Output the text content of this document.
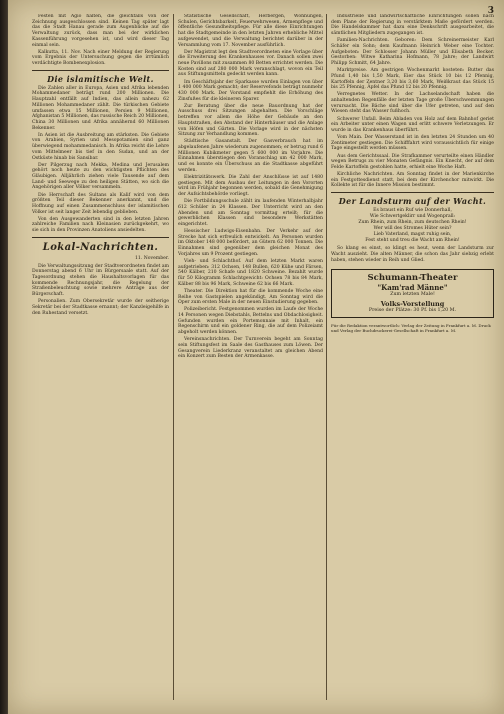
3

Festen mit Agio halten, die gleichfalls von der Zeichnung ausgeschlossen sind. Keinen Tag später lagt das die Stadt Hanau gerade zum Augenblicke auf die Verwaltung zurück, dass man bei der wirklichen Kassenführung vorgesehen ist, und wird dieser Tag einmal sein.

Kalkutta, 11. Nov. Nach einer Meldung der Regierung vom Ergebnis der Untersuchung gegen die irrtümlich verdächtigte Bombenexplosion.

Die islamitische Welt.

Die Zahlen aller in Europa, Asien und Afrika lebenden Mohammedaner beträgt rund 200 Millionen. Die Hauptzahl entfällt auf Indien, das allein nahezu 62 Millionen Mohammedaner zählt. Die türkischen Gebiete umfassen etwa 15 Millionen, Persien 9 Millionen, Afghanistan 5 Millionen, das russische Reich 20 Millionen, China 30 Millionen und Afrika annähernd 60 Millionen Bekenner.

In Asien ist die Ausbreitung am stärksten. Die Gebiete von Arabien, Syrien und Mesopotamien sind ganz überwiegend mohammedanisch. In Afrika reicht die Lehre vom Mittelmeer bis tief in den Sudan, und an der Ostküste hinab bis Sansibar.

Der Pilgerzug nach Mekka, Medina und Jerusalem gehört noch heute zu den wichtigsten Pflichten des Gläubigen. Alljährlich ziehen viele Tausende auf dem Land- und Seewege zu den heiligen Stätten, wo sich die Angehörigen aller Völker versammeln.

Die Herrschaft des Sultans als Kalif wird von dem größten Teil dieser Bekenner anerkannt, und die Hoffnung auf einen Zusammenschluss der islamitischen Völker ist seit langer Zeit lebendig geblieben.

Von den Ausgewanderten sind in den letzten Jahren zahlreiche Familien nach Kleinasien zurückgekehrt, wo sie sich in den Provinzen Anatoliens ansiedelten.

Lokal-Nachrichten.
11. November.

Die Verwaltungssitzung der Stadtverordneten findet am Donnerstag abend 6 Uhr im Bürgersaale statt. Auf der Tagesordnung stehen die Haushaltsvorlagen für das kommende Rechnungsjahr, die Regelung der Straßenbeleuchtung sowie mehrere Anträge aus der Bürgerschaft.

Personalien. Zum Obersekretär wurde der seitherige Sekretär bei der Stadtkasse ernannt; der Kanzleigehilfe in den Ruhestand versetzt.

Statistische Gesellschaft, Herbergen, Wohnungen, Schulen, Gerichtsbarkeit, Feuerwehrwesen, Armenpflege und öffentliche Gesundheitspflege. Für alle diese Einrichtungen hat die Stadtgemeinde in den letzten Jahren erhebliche Mittel aufgewendet, und die Verwaltung berichtet darüber in der Versammlung vom 17. November ausführlich.

Der Magistrat legt den Stadtverordneten eine Vorlage über die Erweiterung des Krankenhauses vor. Danach sollen zwei neue Pavillons mit zusammen 80 Betten errichtet werden. Die Kosten sind auf 280 000 Mark veranschlagt, wovon ein Teil aus Stiftungsmitteln gedeckt werden kann.

Im Geschäftsjahr der Sparkasse wurden Einlagen von über 1 400 000 Mark gemacht; der Reservefonds beträgt nunmehr 430 000 Mark. Der Vorstand empfiehlt die Erhöhung des Zinsfußes für die kleineren Sparer.

Zur Beratung über die neue Bauordnung hat der Ausschuss drei Sitzungen abgehalten. Die Vorschläge betreffen vor allem die Höhe der Gebäude an den Hauptstraßen, den Abstand der Hinterhäuser und die Anlage von Höfen und Gärten. Die Vorlage wird in der nächsten Sitzung zur Verhandlung kommen.

Städtische Gasanstalt. Der Gasverbrauch hat im abgelaufenen Jahre wiederum zugenommen; er betrug rund 6 Millionen Kubikmeter gegen 5 600 000 im Vorjahre. Die Einnahmen überstiegen den Voranschlag um 42 000 Mark, und es konnte ein Überschuss an die Stadtkasse abgeführt werden.

Elektrizitätswerk. Die Zahl der Anschlüsse ist auf 1480 gestiegen. Mit dem Ausbau der Leitungen in den Vororten wird im Frühjahr begonnen werden, sobald die Genehmigung der Aufsichtsbehörde vorliegt.

Die Fortbildungsschule zählt im laufenden Winterhalbjahr 612 Schüler in 24 Klassen. Der Unterricht wird an den Abenden und am Sonntag vormittag erteilt; für die gewerblichen Klassen sind besondere Werkstätten eingerichtet.

Hessischer Ludwigs-Eisenbahn. Der Verkehr auf der Strecke hat sich erfreulich entwickelt. An Personen wurden im Oktober 148 000 befördert, an Gütern 62 000 Tonnen. Die Einnahmen sind gegenüber dem gleichen Monat des Vorjahres um 9 Prozent gestiegen.

Vieh- und Schlachthof. Auf dem letzten Markt waren aufgetrieben: 312 Ochsen, 148 Bullen, 620 Kühe und Färsen, 540 Kälber, 210 Schafe und 1820 Schweine. Bezahlt wurde für 50 Kilogramm Schlachtgewicht: Ochsen 78 bis 84 Mark, Kälber 88 bis 96 Mark, Schweine 62 bis 66 Mark.

Theater. Die Direktion hat für die kommende Woche eine Reihe von Gastspielen angekündigt. Am Sonntag wird die Oper zum ersten Male in der neuen Einstudierung gegeben.

Polizeibericht. Festgenommen wurden im Laufe der Woche 14 Personen wegen Diebstahls, Bettelns und Obdachlosigkeit. Gefunden wurden ein Portemonnaie mit Inhalt, ein Regenschirm und ein goldener Ring, die auf dem Polizeiamt abgeholt werden können.

Vereinsnachrichten. Der Turnverein begeht am Sonntag sein Stiftungsfest im Saale des Gasthauses zum Löwen. Der Gesangverein Liederkranz veranstaltet am gleichen Abend ein Konzert zum Besten der Armenkasse.

Industrielle und landwirtschaftliche Einrichtungen sollen nach dem Plane der Regierung in verstärktem Maße gefördert werden. Die Handelskammer hat dazu eine Denkschrift ausgearbeitet, die sämtlichen Mitgliedern zugegangen ist.

Familien-Nachrichten. Geboren: Dem Schreinermeister Karl Schäfer ein Sohn; dem Kaufmann Heinrich Weber eine Tochter. Aufgeboten: Der Schlosser Johann Müller und Elisabeth Becker. Gestorben: Witwe Katharina Hofmann, 78 Jahre; der Landwirt Philipp Schmitt, 64 Jahre.

Marktpreise. Am gestrigen Wochenmarkt kosteten: Butter das Pfund 1,40 bis 1,50 Mark, Eier das Stück 10 bis 12 Pfennig, Kartoffeln der Zentner 3,20 bis 3,60 Mark, Weißkraut das Stück 15 bis 25 Pfennig, Äpfel das Pfund 12 bis 20 Pfennig.

Verregnetes Wetter. In der Lachselandschaft haben die anhaltenden Regenfälle der letzten Tage große Überschwemmungen verursacht. Die Bäche sind über die Ufer getreten, und auf den Wiesen steht das Wasser fußhoch.

Schwerer Unfall. Beim Abladen von Holz auf dem Bahnhof geriet ein Arbeiter unter einen Wagen und erlitt schwere Verletzungen. Er wurde in das Krankenhaus überführt.

Vom Main. Der Wasserstand ist in den letzten 24 Stunden um 40 Zentimeter gestiegen. Die Schifffahrt wird voraussichtlich für einige Tage eingestellt werden müssen.

Aus dem Gerichtssaal. Die Strafkammer verurteilte einen Händler wegen Betrugs zu vier Monaten Gefängnis. Ein Knecht, der auf dem Felde Kartoffeln gestohlen hatte, erhielt eine Woche Haft.

Kirchliche Nachrichten. Am Sonntag findet in der Marienkirche ein Festgottesdienst statt, bei dem der Kirchenchor mitwirkt. Die Kollekte ist für die Innere Mission bestimmt.

Der Landsturm auf der Wacht.
Es braust ein Ruf wie Donnerhall,
Wie Schwertgeklirr und Wogenprall:
Zum Rhein, zum Rhein, zum deutschen Rhein!
Wer will des Stromes Hüter sein?
Lieb Vaterland, magst ruhig sein,
Fest steht und treu die Wacht am Rhein!

So klang es einst, so klingt es heut, wenn der Landsturm zur Wacht auszieht. Die alten Männer, die schon das Jahr siebzig erlebt haben, stehen wieder in Reih und Glied.

Schumann-Theater
"Kam'rad Männe"
Zum letzten Male!
Volks-Vorstellung
Preise der Plätze: 30 Pf. bis 1,20 M.
Für die Redaktion verantwortlich: Verlag der Zeitung in Frankfurt a. M. Druck und Verlag der Buchdruckerei-Gesellschaft in Frankfurt a. M.
